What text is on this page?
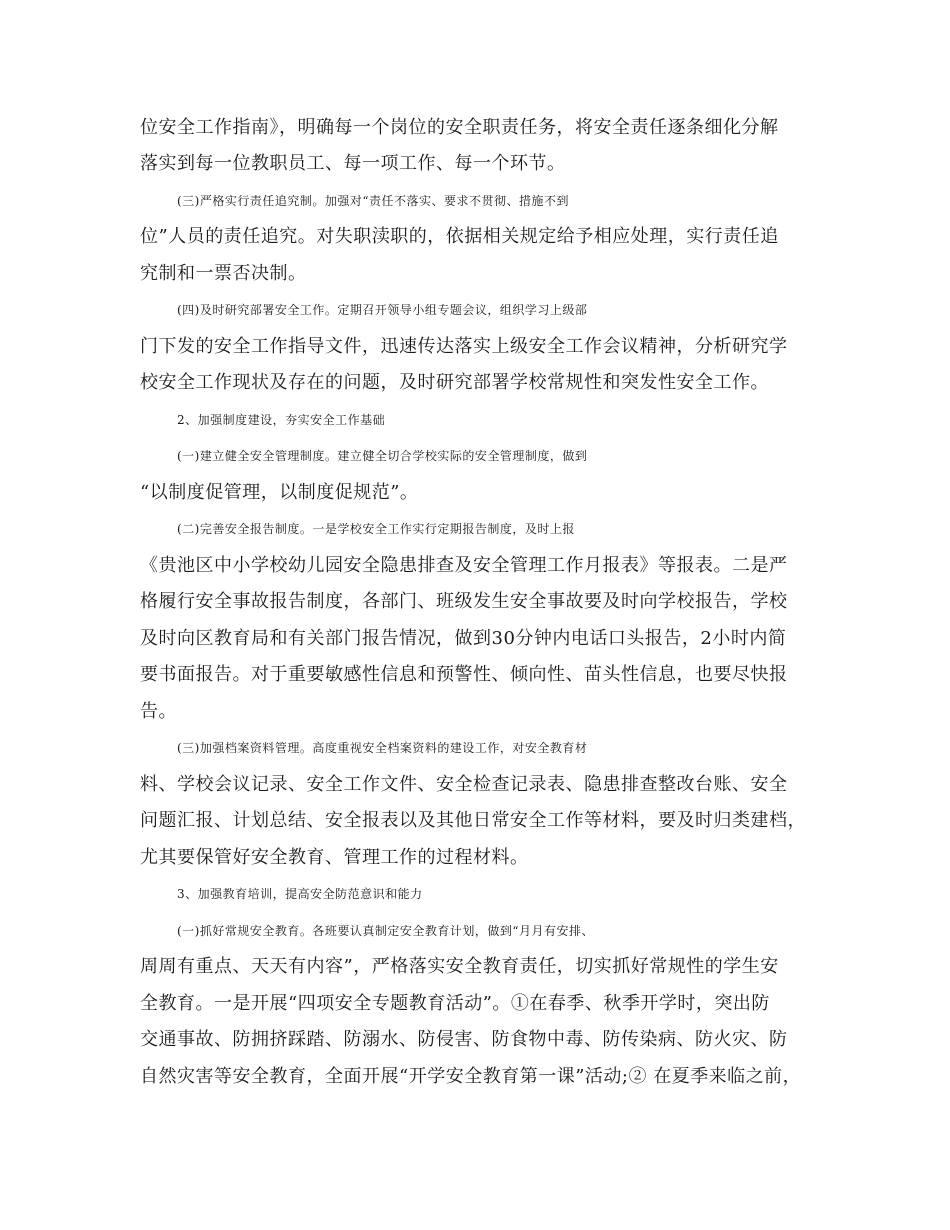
位安全工作指南》，明确每一个岗位的安全职责任务，将安全责任逐条细化分解
落实到每一位教职员工、每一项工作、每一个环节。
(三)严格实行责任追究制。加强对“责任不落实、要求不贯彻、措施不到
位”人员的责任追究。对失职渎职的，依据相关规定给予相应处理，实行责任追
究制和一票否决制。
(四)及时研究部署安全工作。定期召开领导小组专题会议，组织学习上级部
门下发的安全工作指导文件，迅速传达落实上级安全工作会议精神，分析研究学
校安全工作现状及存在的问题，及时研究部署学校常规性和突发性安全工作。
2、加强制度建设，夯实安全工作基础
(一)建立健全安全管理制度。建立健全切合学校实际的安全管理制度，做到
“以制度促管理，以制度促规范”。
(二)完善安全报告制度。一是学校安全工作实行定期报告制度，及时上报
《贵池区中小学校幼儿园安全隐患排查及安全管理工作月报表》等报表。二是严
格履行安全事故报告制度，各部门、班级发生安全事故要及时向学校报告，学校
及时向区教育局和有关部门报告情况，做到30分钟内电话口头报告，2小时内简
要书面报告。对于重要敏感性信息和预警性、倾向性、苗头性信息，也要尽快报
告。
(三)加强档案资料管理。高度重视安全档案资料的建设工作，对安全教育材
料、学校会议记录、安全工作文件、安全检查记录表、隐患排查整改台账、安全
问题汇报、计划总结、安全报表以及其他日常安全工作等材料，要及时归类建档，
尤其要保管好安全教育、管理工作的过程材料。
3、加强教育培训，提高安全防范意识和能力
(一)抓好常规安全教育。各班要认真制定安全教育计划，做到“月月有安排、
周周有重点、天天有内容”，严格落实安全教育责任，切实抓好常规性的学生安
全教育。一是开展“四项安全专题教育活动”。①在春季、秋季开学时，突出防
交通事故、防拥挤踩踏、防溺水、防侵害、防食物中毒、防传染病、防火灾、防
自然灾害等安全教育，全面开展“开学安全教育第一课”活动;② 在夏季来临之前，
